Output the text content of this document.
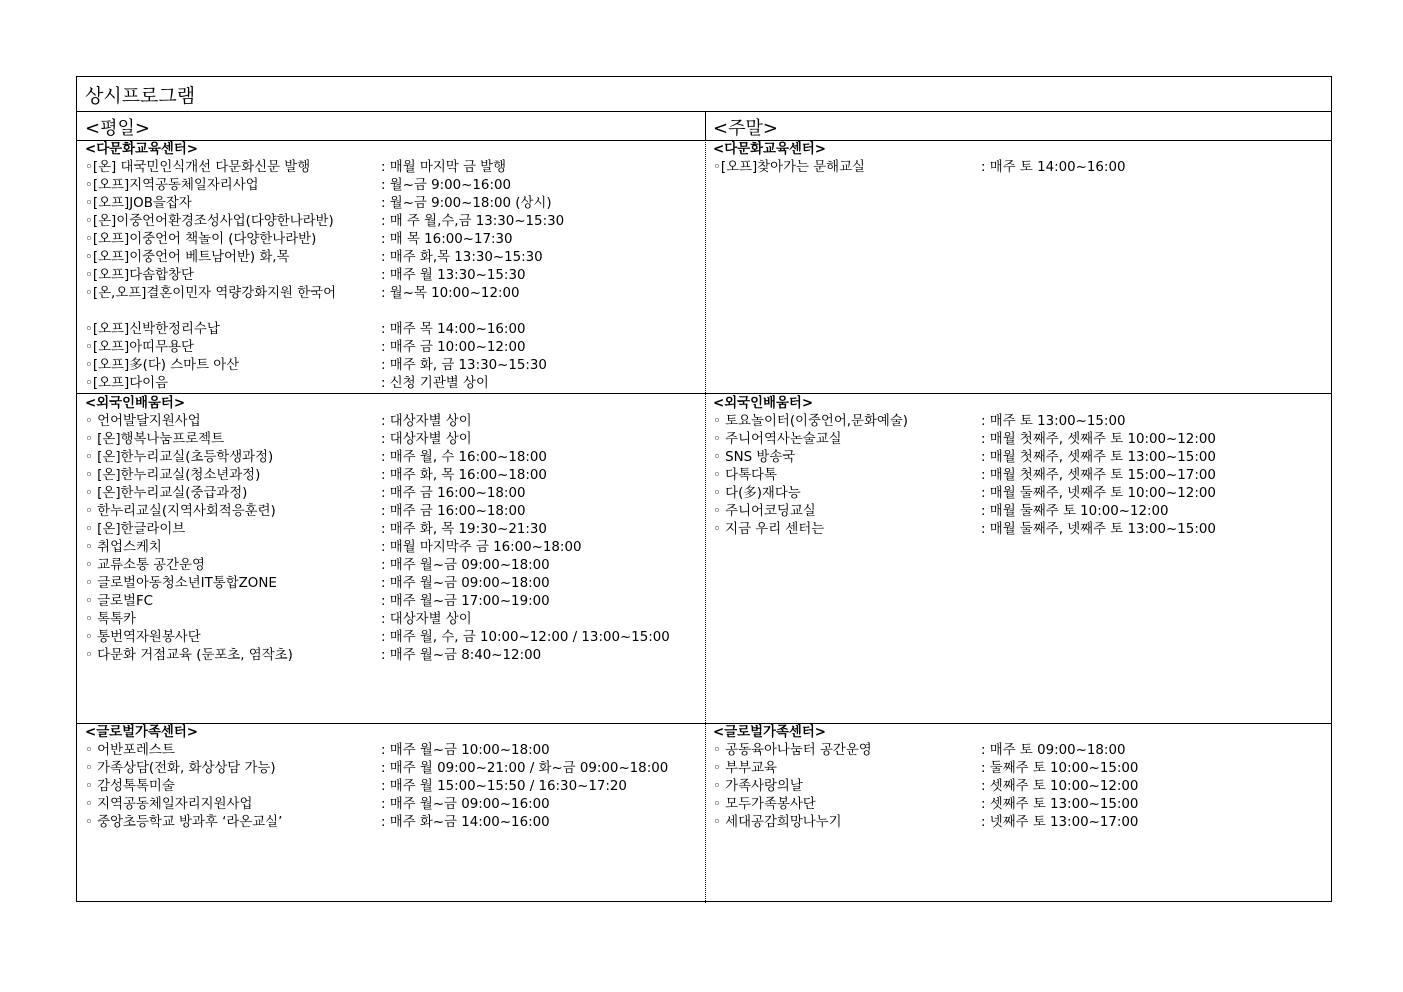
상시프로그램
<평일>	<주말>
<다문화교육센터>
◦[온] 대국민인식개선 다문화신문 발행	: 매월 마지막 금 발행
◦[오프]지역공동체일자리사업	: 월~금 9:00~16:00
◦[오프]JOB을잡자	: 월~금 9:00~18:00 (상시)
◦[온]이중언어환경조성사업(다양한나라반)	: 매 주 월,수,금 13:30~15:30
◦[오프]이중언어 책놀이 (다양한나라반)	: 매 목 16:00~17:30
◦[오프]이중언어 베트남어반) 화,목	: 매주 화,목 13:30~15:30
◦[오프]다솜합창단	: 매주 월 13:30~15:30
◦[온,오프]결혼이민자 역량강화지원 한국어	: 월~목 10:00~12:00
◦[오프]신박한정리수납	: 매주 목 14:00~16:00
◦[오프]아띠무용단	: 매주 금 10:00~12:00
◦[오프]多(다) 스마트 아산	: 매주 화, 금 13:30~15:30
◦[오프]다이음	: 신청 기관별 상이
<다문화교육센터>
◦[오프]찾아가는 문해교실	: 매주 토 14:00~16:00
<외국인배움터>
◦ 언어발달지원사업	: 대상자별 상이
◦ [온]행복나눔프로젝트	: 대상자별 상이
◦ [온]한누리교실(초등학생과정)	: 매주 월, 수 16:00~18:00
◦ [온]한누리교실(청소년과정)	: 매주 화, 목 16:00~18:00
◦ [온]한누리교실(중급과정)	: 매주 금 16:00~18:00
◦ 한누리교실(지역사회적응훈련)	: 매주 금 16:00~18:00
◦ [온]한글라이브	: 매주 화, 목 19:30~21:30
◦ 취업스케치	: 매월 마지막주 금 16:00~18:00
◦ 교류소통 공간운영	: 매주 월~금 09:00~18:00
◦ 글로벌아동청소년IT통합ZONE	: 매주 월~금 09:00~18:00
◦ 글로벌FC	: 매주 월~금 17:00~19:00
◦ 톡톡카	: 대상자별 상이
◦ 통번역자원봉사단	: 매주 월, 수, 금 10:00~12:00 / 13:00~15:00
◦ 다문화 거점교육 (둔포초, 염작초)	: 매주 월~금 8:40~12:00
<외국인배움터>
◦ 토요놀이터(이중언어,문화예술)	: 매주 토 13:00~15:00
◦ 주니어역사논술교실	: 매월 첫째주, 셋째주 토 10:00~12:00
◦ SNS 방송국	: 매월 첫째주, 셋째주 토 13:00~15:00
◦ 다톡다톡	: 매월 첫째주, 셋째주 토 15:00~17:00
◦ 다(多)재다능	: 매월 둘째주, 넷째주 토 10:00~12:00
◦ 주니어코딩교실	: 매월 둘째주 토 10:00~12:00
◦ 지금 우리 센터는	: 매월 둘째주, 넷째주 토 13:00~15:00
<글로벌가족센터>
◦ 어반포레스트	: 매주 월~금 10:00~18:00
◦ 가족상담(전화, 화상상담 가능)	: 매주 월 09:00~21:00 / 화~금 09:00~18:00
◦ 감성톡톡미술	: 매주 월 15:00~15:50 / 16:30~17:20
◦ 지역공동체일자리지원사업	: 매주 월~금 09:00~16:00
◦ 중앙초등학교 방과후 ‘라온교실’	: 매주 화~금 14:00~16:00
<글로벌가족센터>
◦ 공동육아나눔터 공간운영	: 매주 토 09:00~18:00
◦ 부부교육	: 둘째주 토 10:00~15:00
◦ 가족사랑의날	: 셋째주 토 10:00~12:00
◦ 모두가족봉사단	: 셋째주 토 13:00~15:00
◦ 세대공감희망나누기	: 넷째주 토 13:00~17:00
